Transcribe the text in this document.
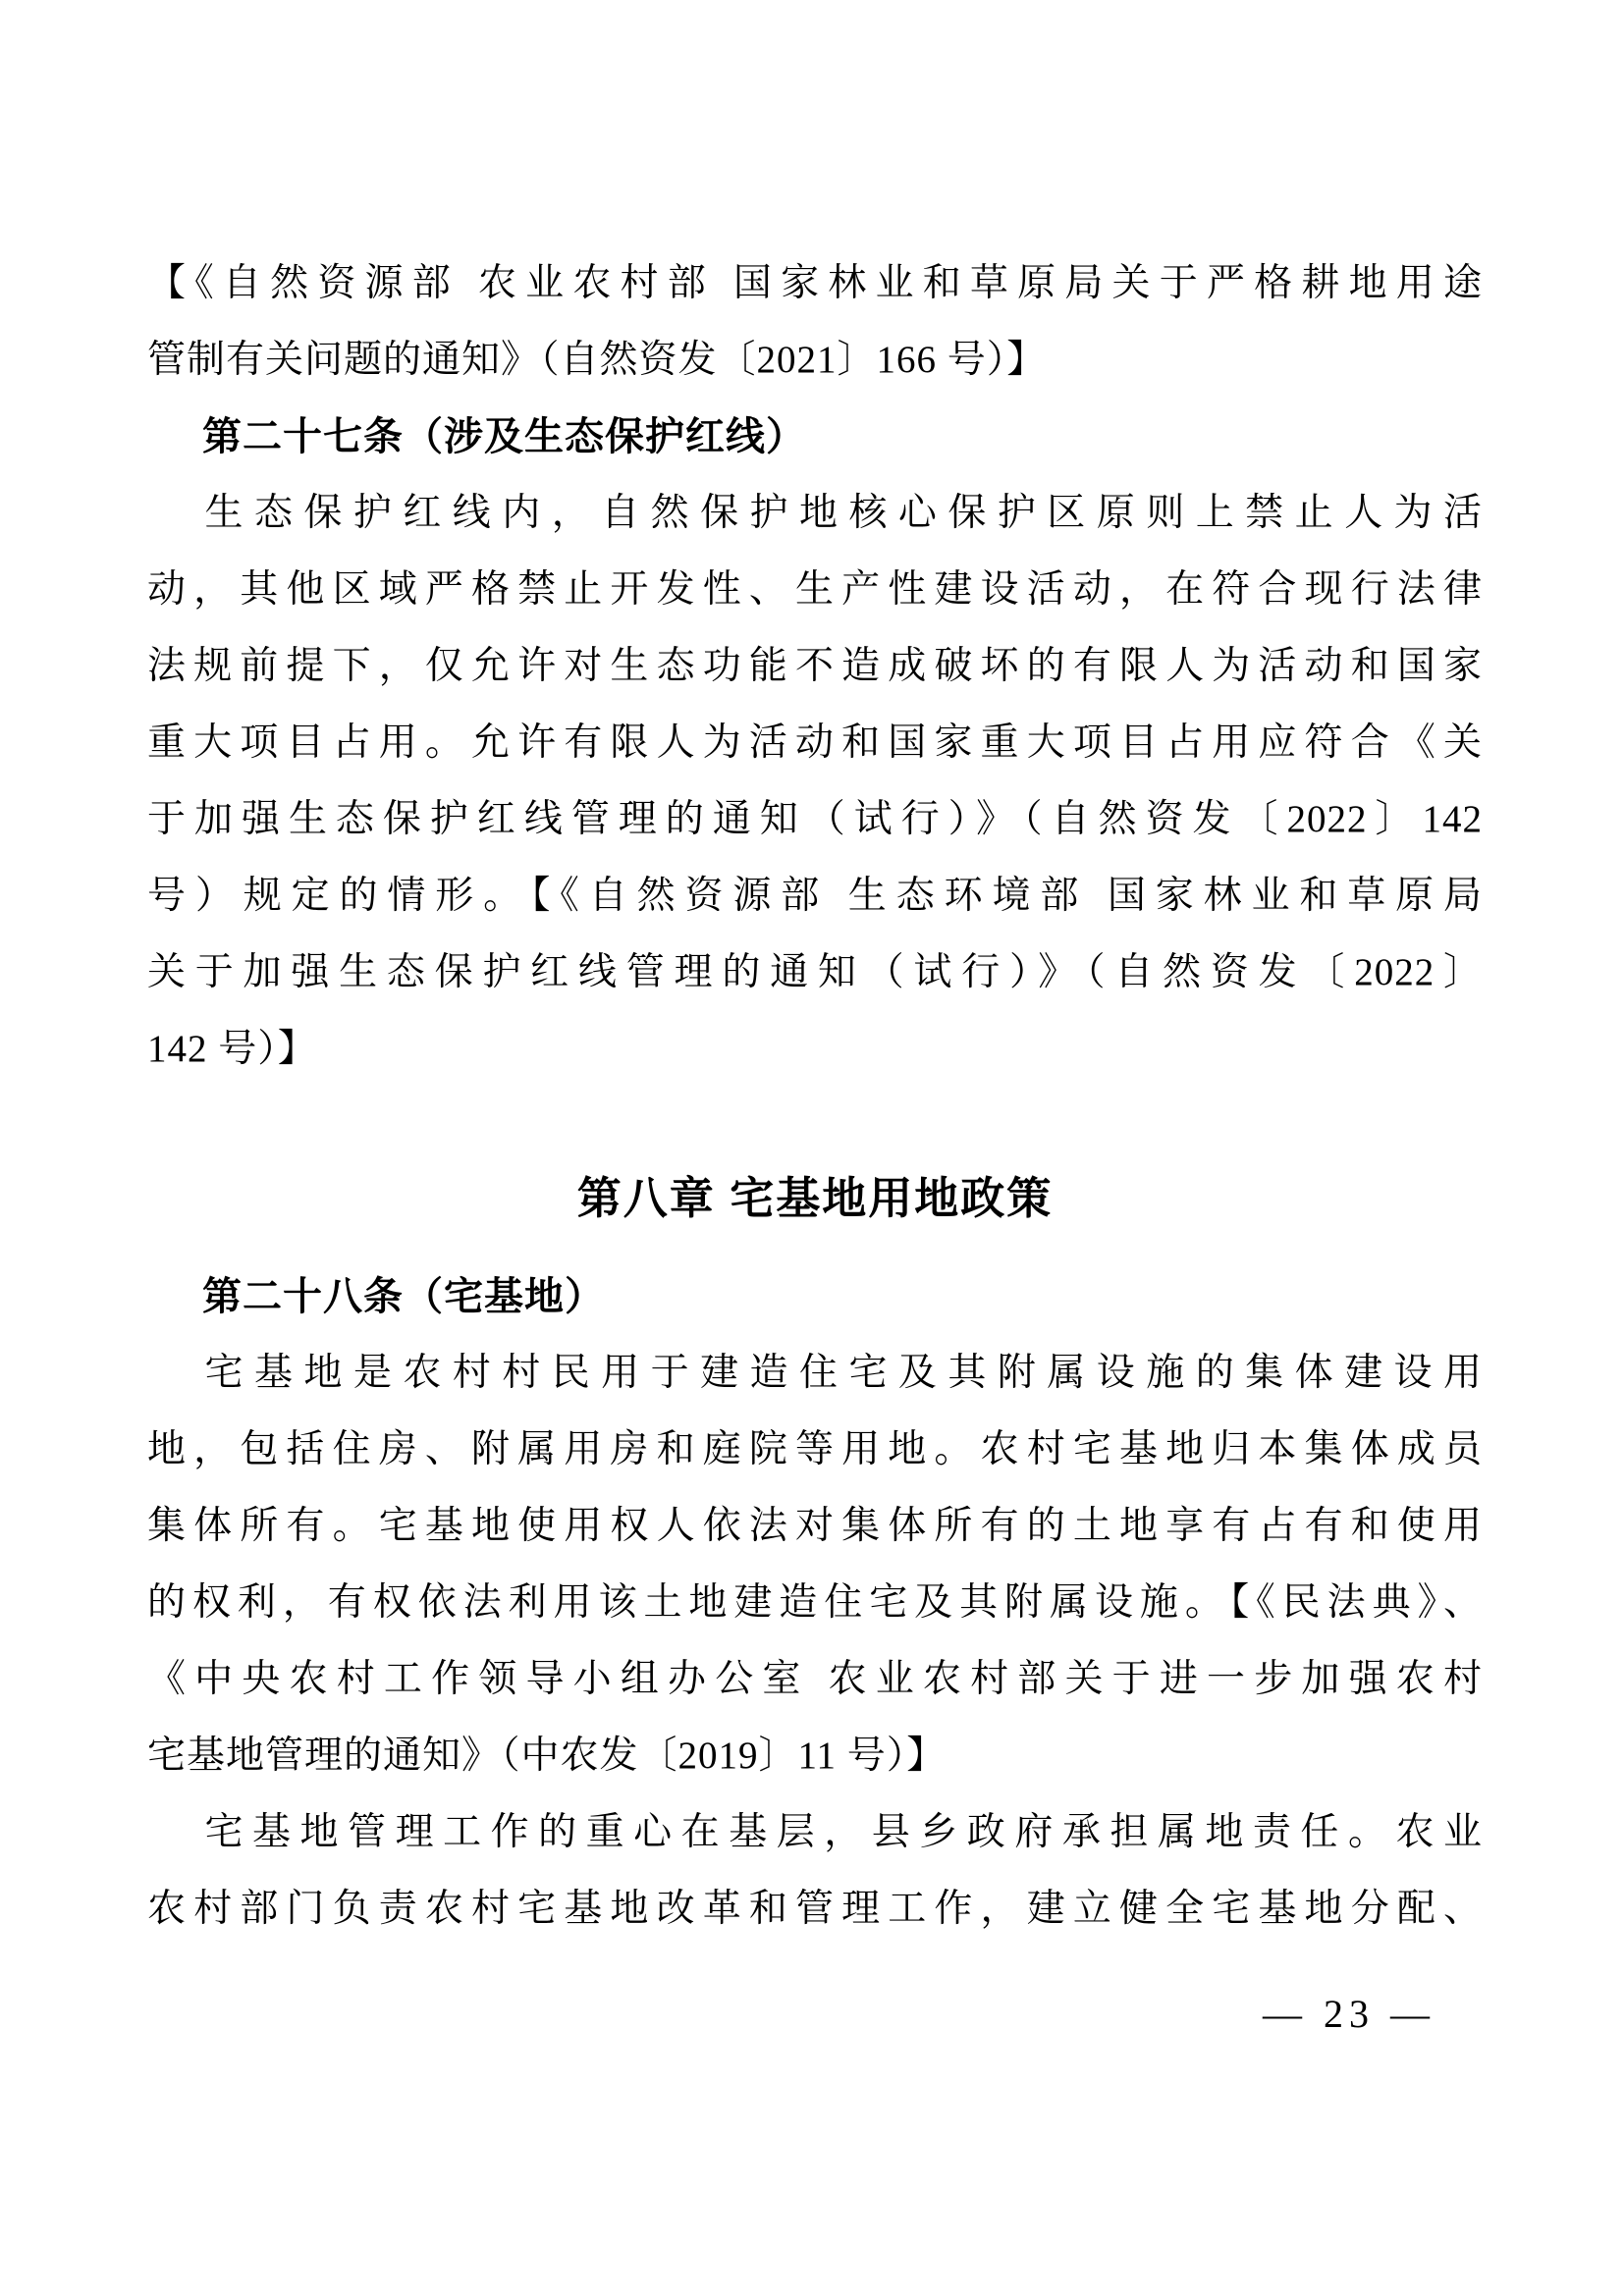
【《自然资源部 农业农村部 国家林业和草原局关于严格耕地用途
管制有关问题的通知》（自然资发〔2021〕166 号）】
第二十七条（涉及生态保护红线）
生态保护红线内，自然保护地核心保护区原则上禁止人为活
动，其他区域严格禁止开发性、生产性建设活动，在符合现行法律
法规前提下，仅允许对生态功能不造成破坏的有限人为活动和国家
重大项目占用。允许有限人为活动和国家重大项目占用应符合《关
于加强生态保护红线管理的通知（试行）》（自然资发〔2022〕142
号）规定的情形。【《自然资源部 生态环境部 国家林业和草原局
关于加强生态保护红线管理的通知（试行）》（自然资发〔2022〕
142 号）】
第八章 宅基地用地政策
第二十八条（宅基地）
宅基地是农村村民用于建造住宅及其附属设施的集体建设用
地，包括住房、附属用房和庭院等用地。农村宅基地归本集体成员
集体所有。宅基地使用权人依法对集体所有的土地享有占有和使用
的权利，有权依法利用该土地建造住宅及其附属设施。【《民法典》、
《中央农村工作领导小组办公室 农业农村部关于进一步加强农村
宅基地管理的通知》（中农发〔2019〕11 号）】
宅基地管理工作的重心在基层，县乡政府承担属地责任。农业
农村部门负责农村宅基地改革和管理工作，建立健全宅基地分配、
— 23 —
